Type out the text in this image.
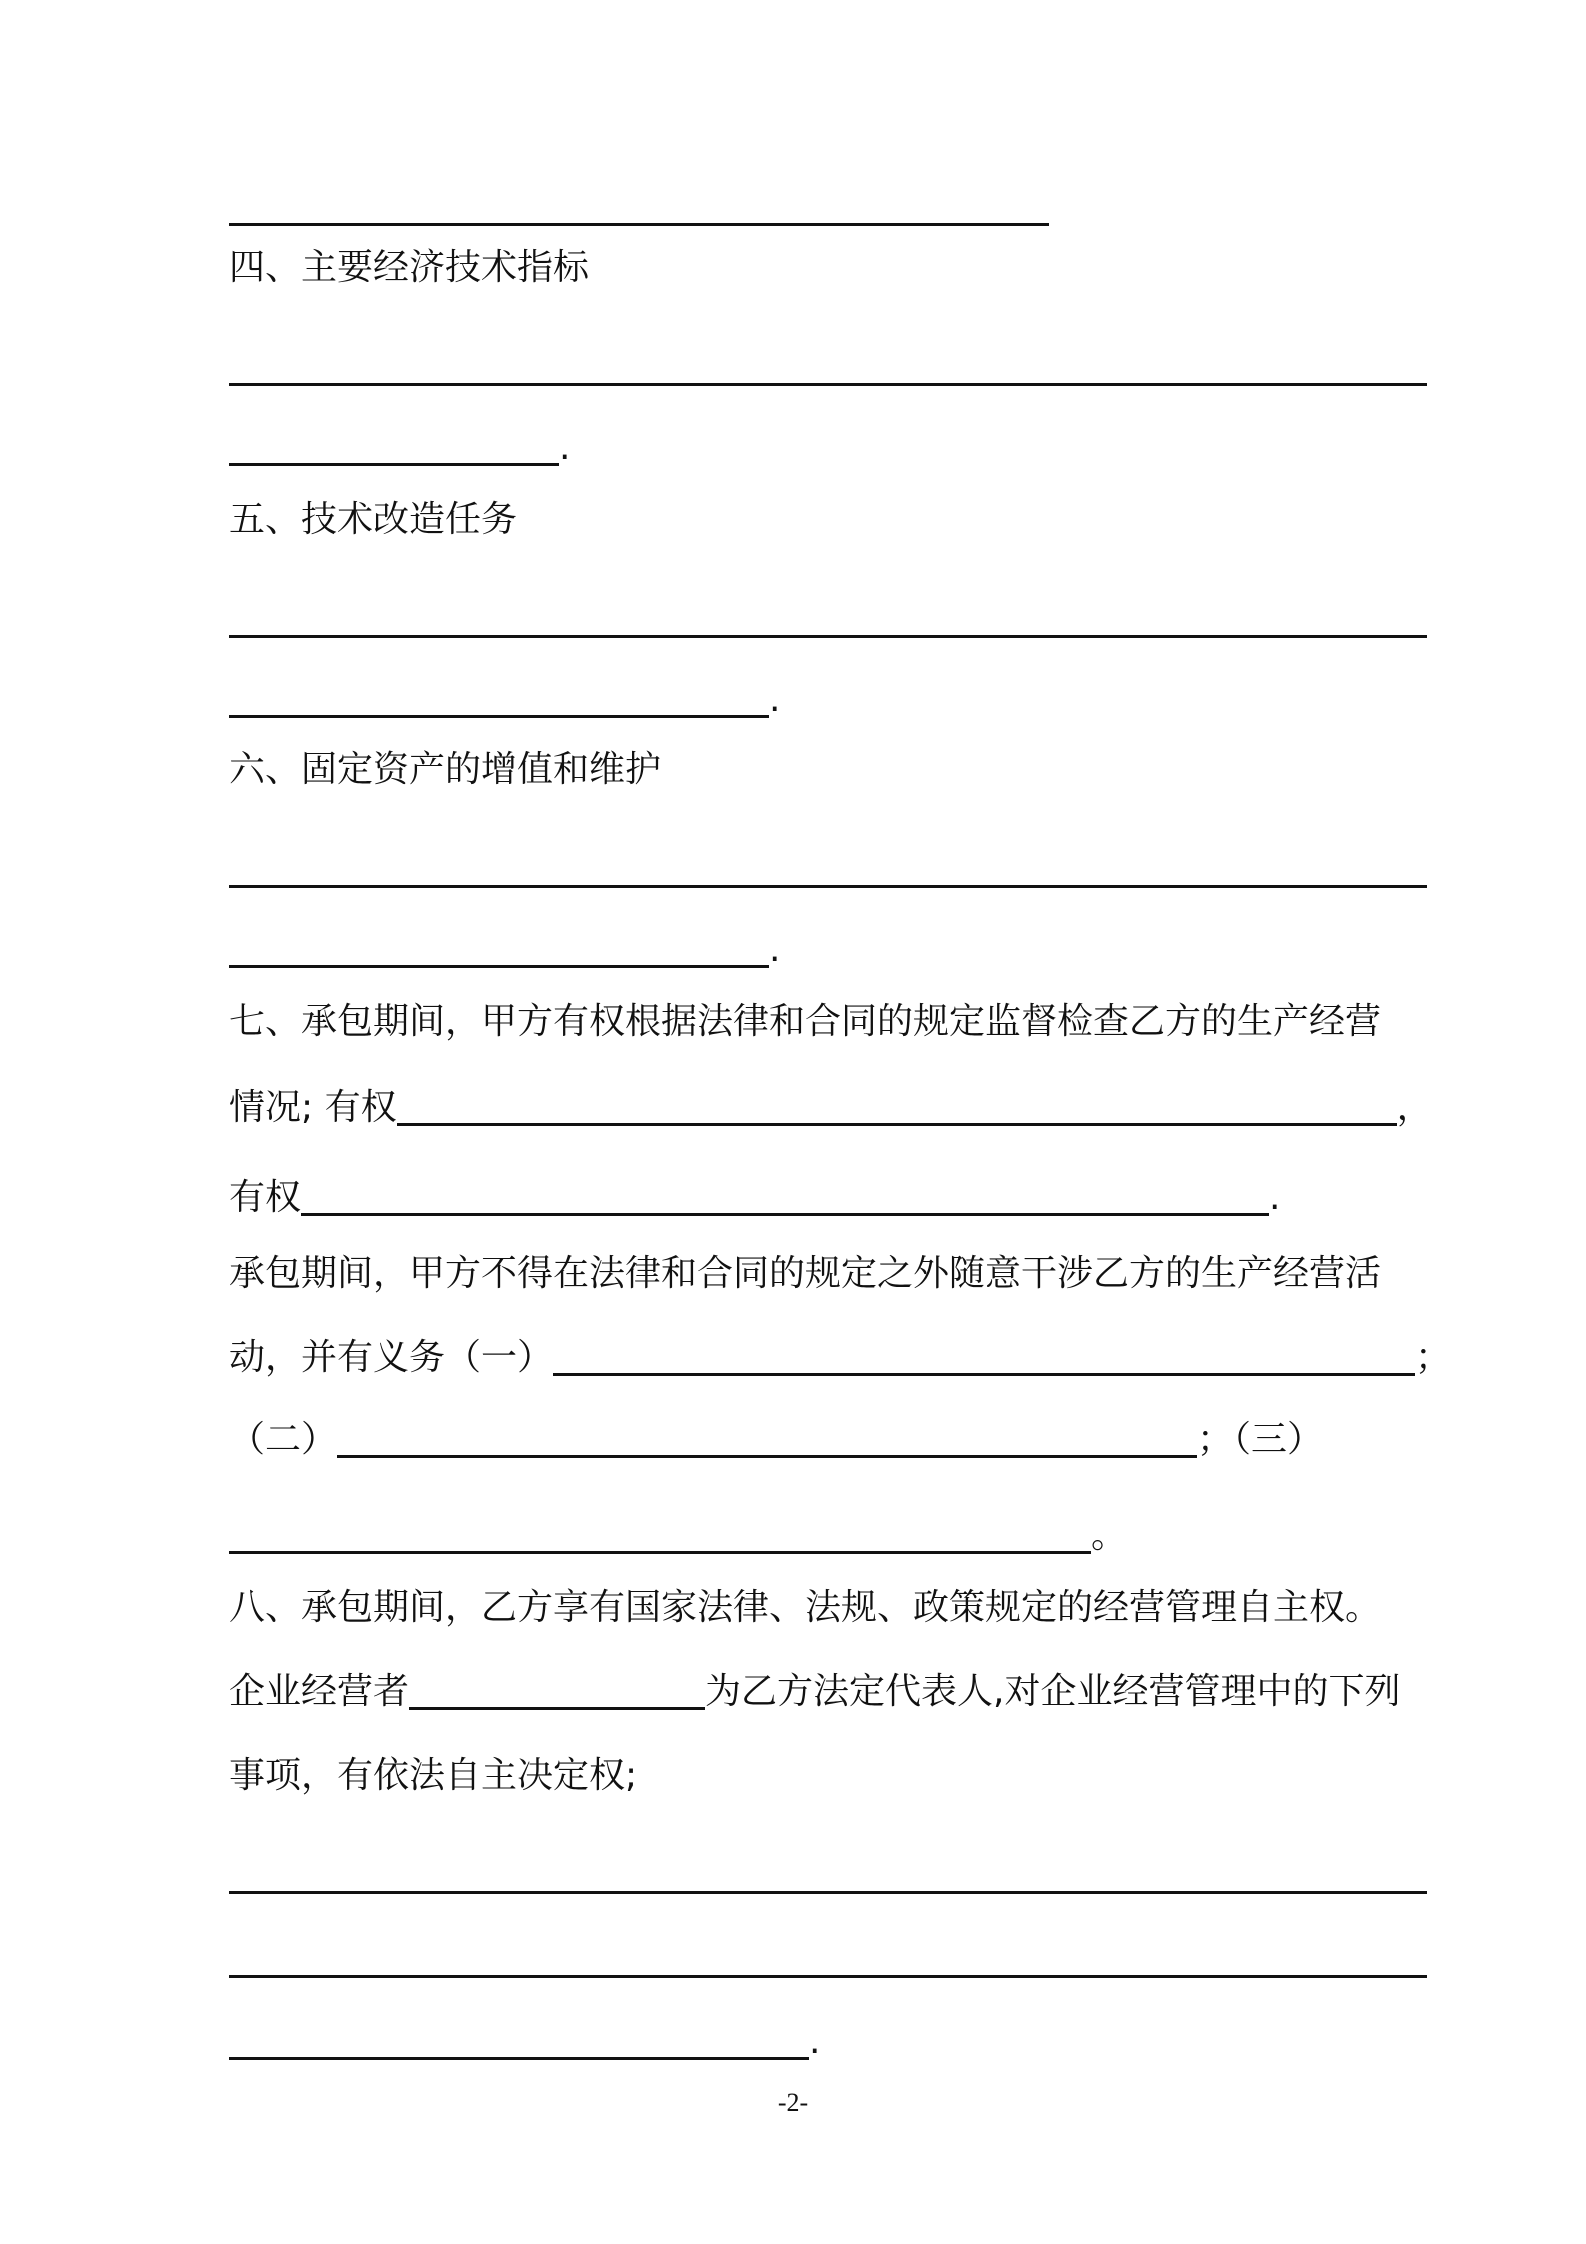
四、主要经济技术指标
.
五、技术改造任务
.
六、固定资产的增值和维护
.
七、承包期间，甲方有权根据法律和合同的规定监督检查乙方的生产经营
情况; 有权	，
有权	.
承包期间，甲方不得在法律和合同的规定之外随意干涉乙方的生产经营活
动，并有义务（一）	；
（二）	；（三）
。
八、承包期间，乙方享有国家法律、法规、政策规定的经营管理自主权。
企业经营者	为乙方法定代表人,对企业经营管理中的下列
事项，有依法自主决定权;
.
-2-
